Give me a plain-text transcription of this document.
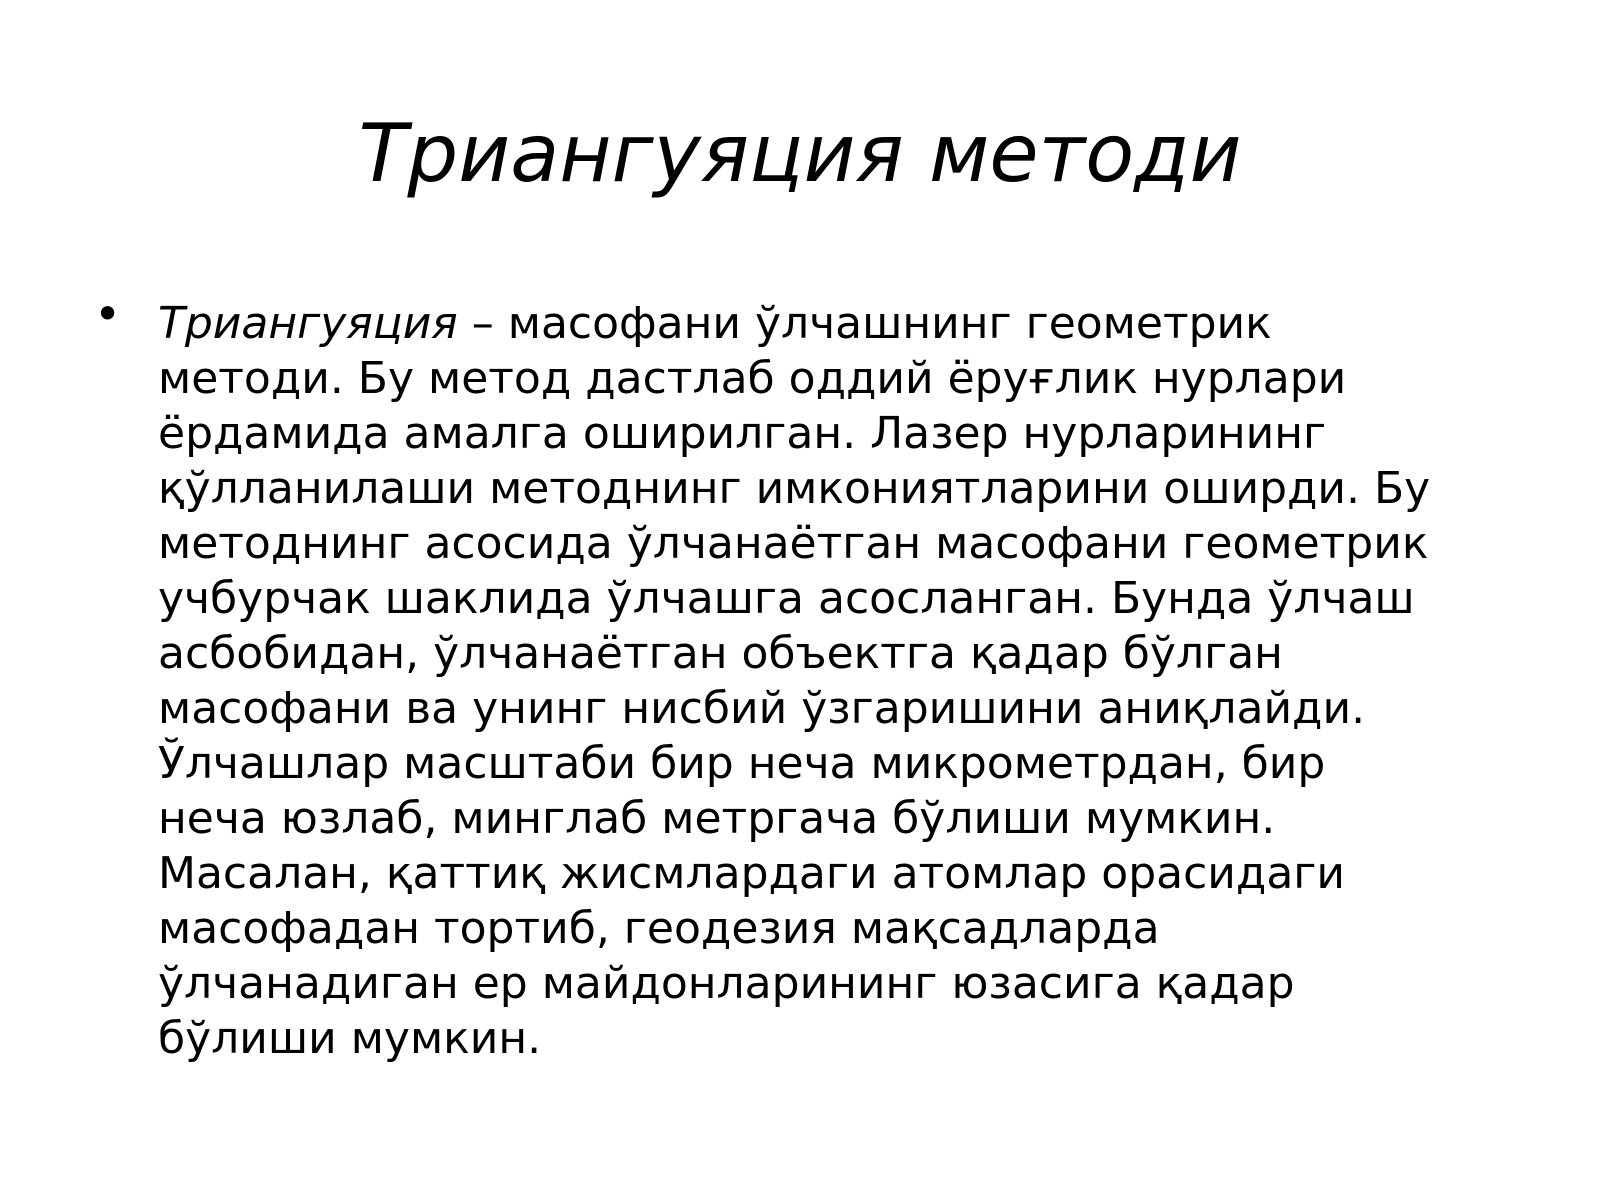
Триангуяция методи
• Триангуяция – масофани ўлчашнинг геометрик
методи. Бу метод дастлаб оддий ёруғлик нурлари
ёрдамида амалга оширилган. Лазер нурларининг
қўлланилаши методнинг имкониятларини оширди. Бу
методнинг асосида ўлчанаётган масофани геометрик
учбурчак шаклида ўлчашга асосланган. Бунда ўлчаш
асбобидан, ўлчанаётган объектга қадар бўлган
масофани ва унинг нисбий ўзгаришини аниқлайди.
Ўлчашлар масштаби бир неча микрометрдан, бир
неча юзлаб, минглаб метргача бўлиши мумкин.
Масалан, қаттиқ жисмлардаги атомлар орасидаги
масофадан тортиб, геодезия мақсадларда
ўлчанадиган ер майдонларининг юзасига қадар
бўлиши мумкин.
